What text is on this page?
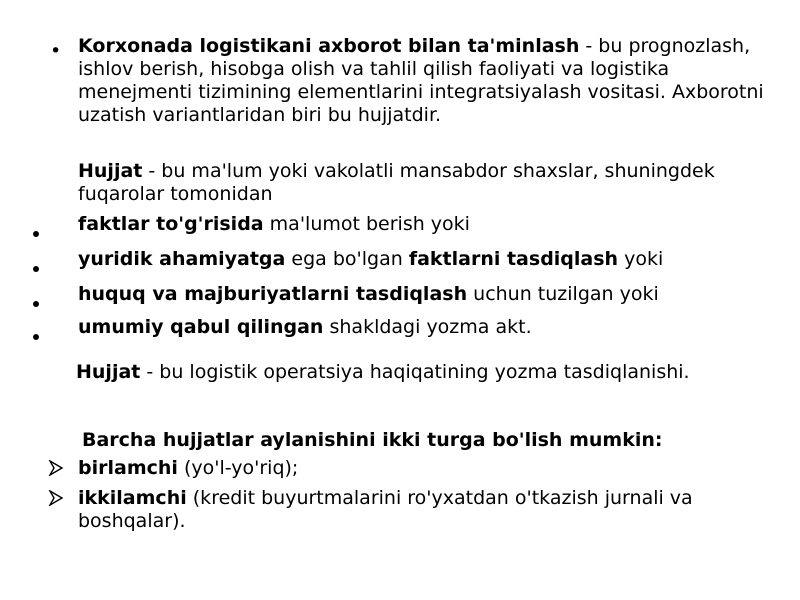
• Korxonada logistikani axborot bilan ta'minlash - bu prognozlash, ishlov berish, hisobga olish va tahlil qilish faoliyati va logistika menejmenti tizimining elementlarini integratsiyalash vositasi. Axborotni uzatish variantlaridan biri bu hujjatdir.
Hujjat - bu ma'lum yoki vakolatli mansabdor shaxslar, shuningdek fuqarolar tomonidan
faktlar to'g'risida ma'lumot berish yoki
yuridik ahamiyatga ega bo'lgan faktlarni tasdiqlash yoki
huquq va majburiyatlarni tasdiqlash uchun tuzilgan yoki
umumiy qabul qilingan shakldagi yozma akt.
Hujjat - bu logistik operatsiya haqiqatining yozma tasdiqlanishi.
Barcha hujjatlar aylanishini ikki turga bo'lish mumkin:
birlamchi (yo'l-yo'riq);
ikkilamchi (kredit buyurtmalarini ro'yxatdan o'tkazish jurnali va boshqalar).
